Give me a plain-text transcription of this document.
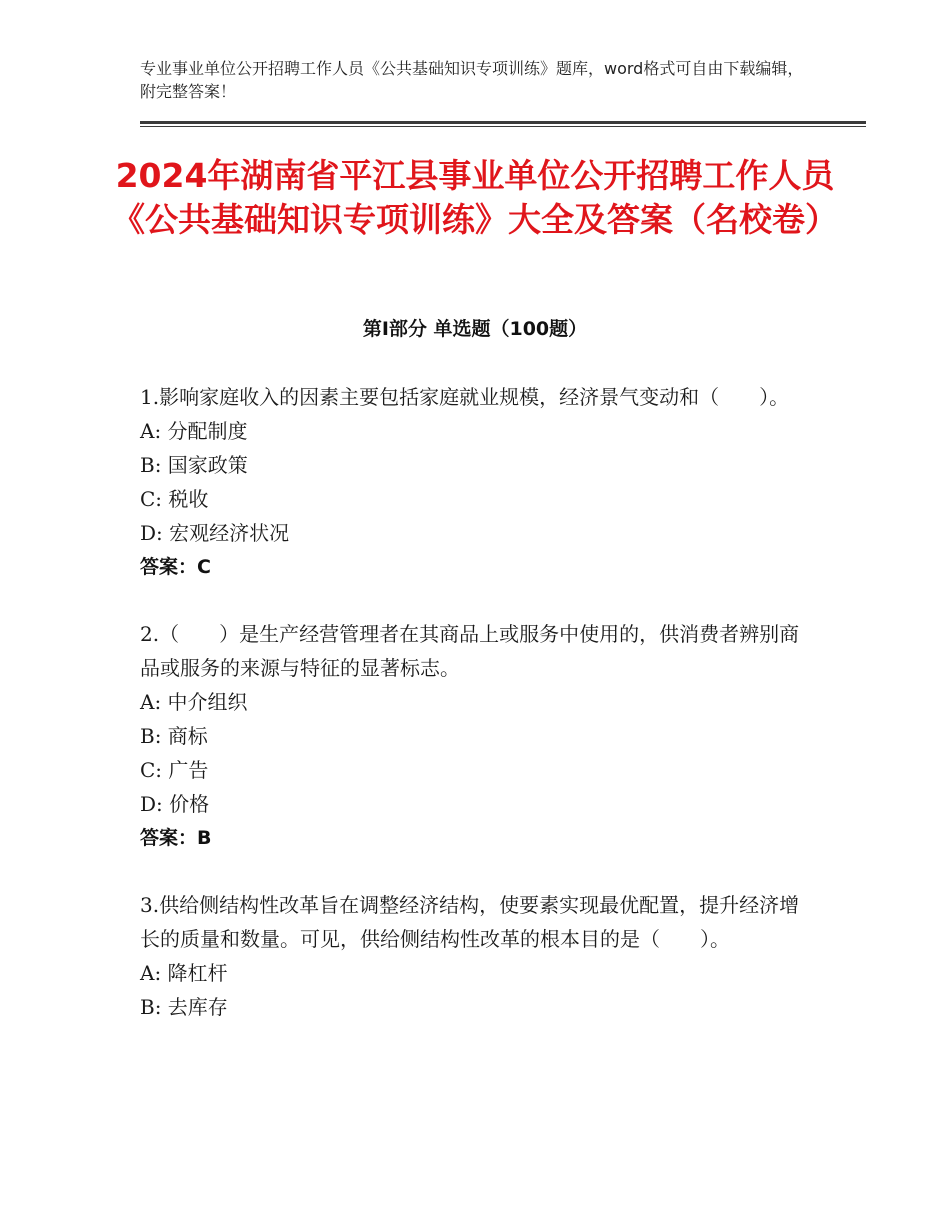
专业事业单位公开招聘工作人员《公共基础知识专项训练》题库，word格式可自由下载编辑，附完整答案！
2024年湖南省平江县事业单位公开招聘工作人员《公共基础知识专项训练》大全及答案（名校卷）
第Ⅰ部分 单选题（100题）
1.影响家庭收入的因素主要包括家庭就业规模，经济景气变动和（　　）。
A: 分配制度
B: 国家政策
C: 税收
D: 宏观经济状况
答案：C
2.（　　）是生产经营管理者在其商品上或服务中使用的，供消费者辨别商品或服务的来源与特征的显著标志。
A: 中介组织
B: 商标
C: 广告
D: 价格
答案：B
3.供给侧结构性改革旨在调整经济结构，使要素实现最优配置，提升经济增长的质量和数量。可见，供给侧结构性改革的根本目的是（　　）。
A: 降杠杆
B: 去库存
